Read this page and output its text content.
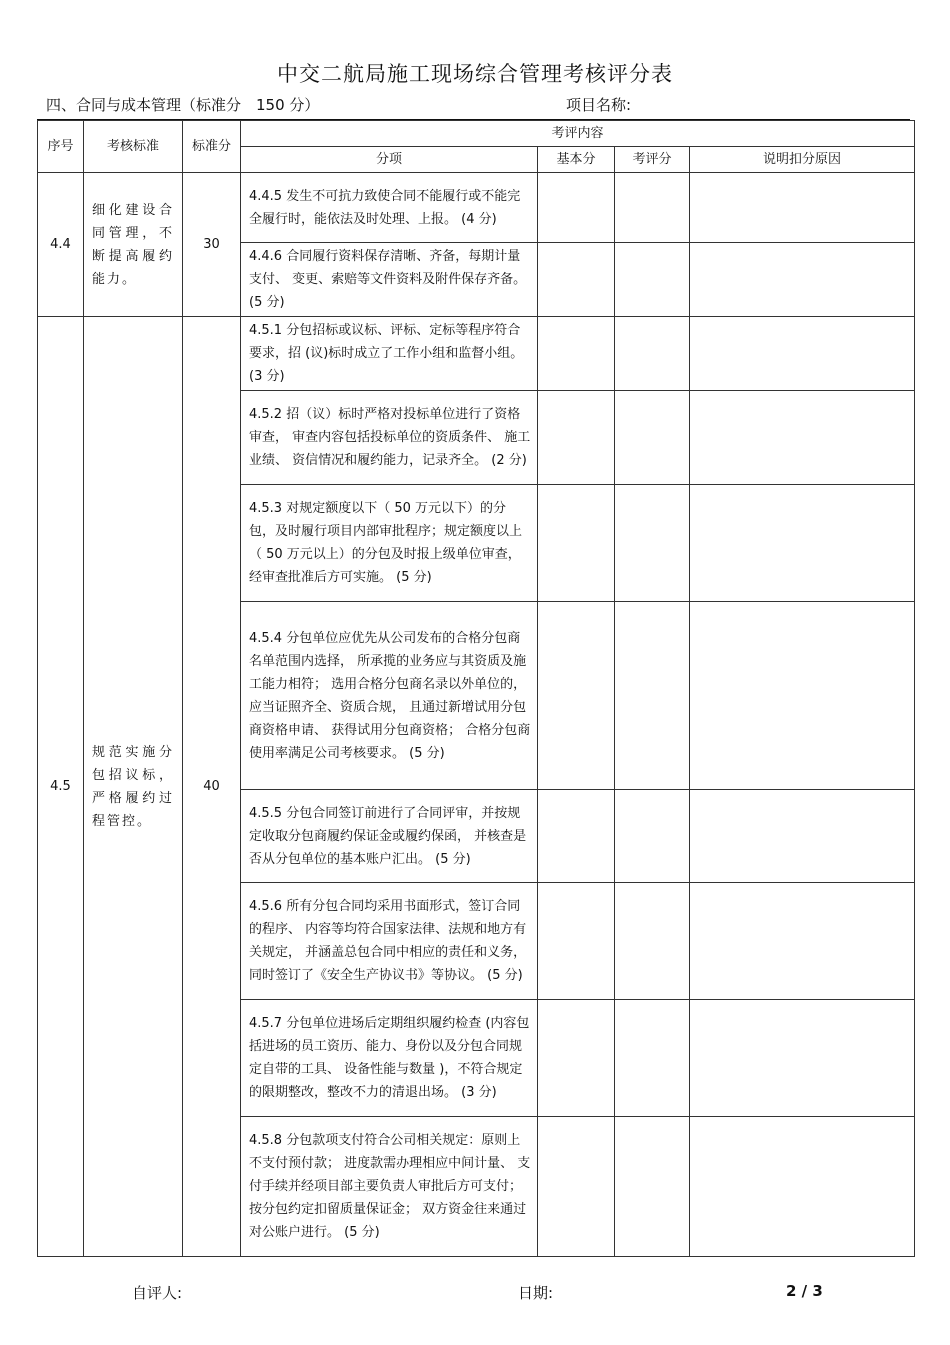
中交二航局施工现场综合管理考核评分表
四、合同与成本管理（标准分　150 分）	项目名称:
序号	考核标准	标准分	考评内容			
			分项	基本分	考评分	说明扣分原因
4.4	细化建设合同管理，不断提高履约能力。	30	4.4.5 发生不可抗力致使合同不能履行或不能完全履行时，能依法及时处理、上报。 (4 分)			
			4.4.6 合同履行资料保存清晰、齐备，每期计量支付、 变更、索赔等文件资料及附件保存齐备。 (5 分)			
4.5	规范实施分包招议标，严格履约过程管控。	40	4.5.1 分包招标或议标、评标、定标等程序符合要求，招 (议)标时成立了工作小组和监督小组。 (3 分)			
			4.5.2 招（议）标时严格对投标单位进行了资格审查， 审查内容包括投标单位的资质条件、 施工业绩、 资信情况和履约能力，记录齐全。 (2 分)			
			4.5.3 对规定额度以下（ 50 万元以下）的分包，及时履行项目内部审批程序；规定额度以上（ 50 万元以上）的分包及时报上级单位审查， 经审查批准后方可实施。 (5 分)			
			4.5.4 分包单位应优先从公司发布的合格分包商名单范围内选择， 所承揽的业务应与其资质及施工能力相符； 选用合格分包商名录以外单位的， 应当证照齐全、资质合规， 且通过新增试用分包商资格申请、 获得试用分包商资格； 合格分包商使用率满足公司考核要求。 (5 分)			
			4.5.5 分包合同签订前进行了合同评审，并按规定收取分包商履约保证金或履约保函， 并核查是否从分包单位的基本账户汇出。 (5 分)			
			4.5.6 所有分包合同均采用书面形式，签订合同的程序、 内容等均符合国家法律、法规和地方有关规定， 并涵盖总包合同中相应的责任和义务， 同时签订了《安全生产协议书》等协议。 (5 分)			
			4.5.7 分包单位进场后定期组织履约检查 (内容包括进场的员工资历、能力、身份以及分包合同规定自带的工具、 设备性能与数量 )，不符合规定的限期整改，整改不力的清退出场。 (3 分)			
			4.5.8 分包款项支付符合公司相关规定：原则上不支付预付款； 进度款需办理相应中间计量、 支付手续并经项目部主要负责人审批后方可支付； 按分包约定扣留质量保证金； 双方资金往来通过对公账户进行。 (5 分)			
自评人:	日期:	2 / 3
